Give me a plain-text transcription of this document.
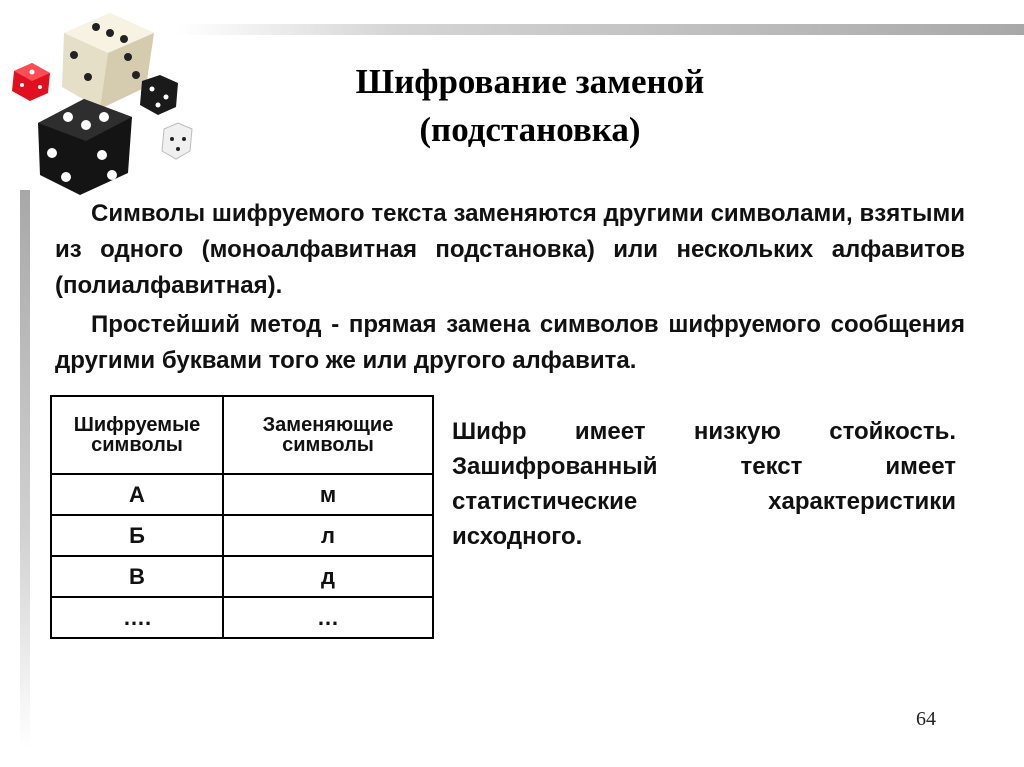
Шифрование заменой
(подстановка)
Символы шифруемого текста заменяются другими символами, взятыми из одного (моноалфавитная подстановка) или нескольких алфавитов (полиалфавитная).
Простейший метод - прямая замена символов шифруемого сообщения другими буквами того же или другого алфавита.
Шифруемые символы	Заменяющие символы
А	м
Б	л
В	д
….	…
Шифр имеет низкую стойкость. Зашифрованный текст имеет статистические характеристики исходного.
64
